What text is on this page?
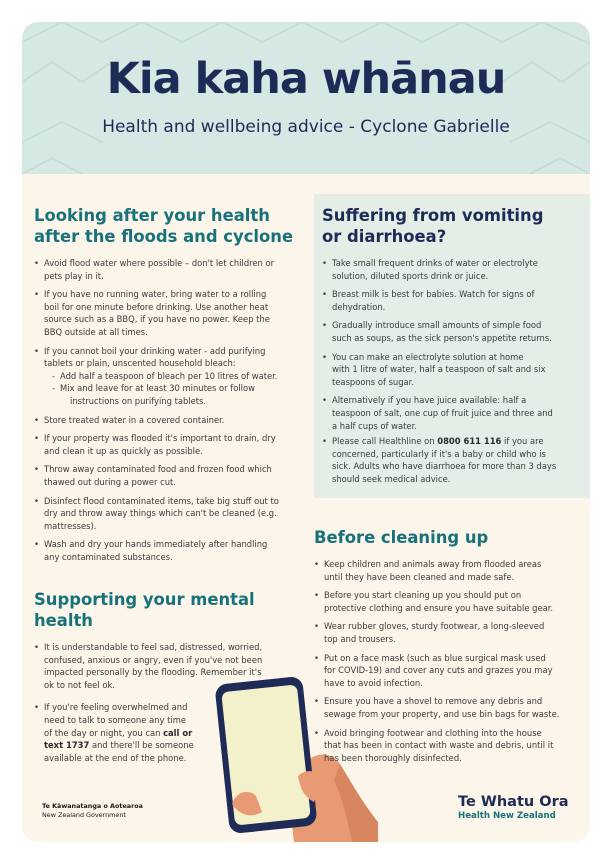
Kia kaha whānau

Health and wellbeing advice - Cyclone Gabrielle

Looking after your health
after the floods and cyclone
• Avoid flood water where possible – don't let children or
pets play in it.
• If you have no running water, bring water to a rolling
boil for one minute before drinking. Use another heat
source such as a BBQ, if you have no power. Keep the
BBQ outside at all times.
• If you cannot boil your drinking water - add purifying
tablets or plain, unscented household bleach:
- Add half a teaspoon of bleach per 10 litres of water.
- Mix and leave for at least 30 minutes or follow
instructions on purifying tablets.
• Store treated water in a covered container.
• If your property was flooded it's important to drain, dry
and clean it up as quickly as possible.
• Throw away contaminated food and frozen food which
thawed out during a power cut.
• Disinfect flood contaminated items, take big stuff out to
dry and throw away things which can't be cleaned (e.g.
mattresses).
• Wash and dry your hands immediately after handling
any contaminated substances.
Supporting your mental
health
• It is understandable to feel sad, distressed, worried,
confused, anxious or angry, even if you've not been
impacted personally by the flooding. Remember it's
ok to not feel ok.
• If you're feeling overwhelmed and
need to talk to someone any time
of the day or night, you can call or
text 1737 and there'll be someone
available at the end of the phone.
Suffering from vomiting
or diarrhoea?
• Take small frequent drinks of water or electrolyte
solution, diluted sports drink or juice.
• Breast milk is best for babies. Watch for signs of
dehydration.
• Gradually introduce small amounts of simple food
such as soups, as the sick person's appetite returns.
• You can make an electrolyte solution at home
with 1 litre of water, half a teaspoon of salt and six
teaspoons of sugar.
• Alternatively if you have juice available: half a
teaspoon of salt, one cup of fruit juice and three and
a half cups of water.
• Please call Healthline on 0800 611 116 if you are
concerned, particularly if it's a baby or child who is
sick. Adults who have diarrhoea for more than 3 days
should seek medical advice.
Before cleaning up
• Keep children and animals away from flooded areas
until they have been cleaned and made safe.
• Before you start cleaning up you should put on
protective clothing and ensure you have suitable gear.
• Wear rubber gloves, sturdy footwear, a long-sleeved
top and trousers.
• Put on a face mask (such as blue surgical mask used
for COVID-19) and cover any cuts and grazes you may
have to avoid infection.
• Ensure you have a shovel to remove any debris and
sewage from your property, and use bin bags for waste.
• Avoid bringing footwear and clothing into the house
that has been in contact with waste and debris, until it
has been thoroughly disinfected.
Te Kāwanatanga o Aotearoa
New Zealand Government
Te Whatu Ora
Health New Zealand
